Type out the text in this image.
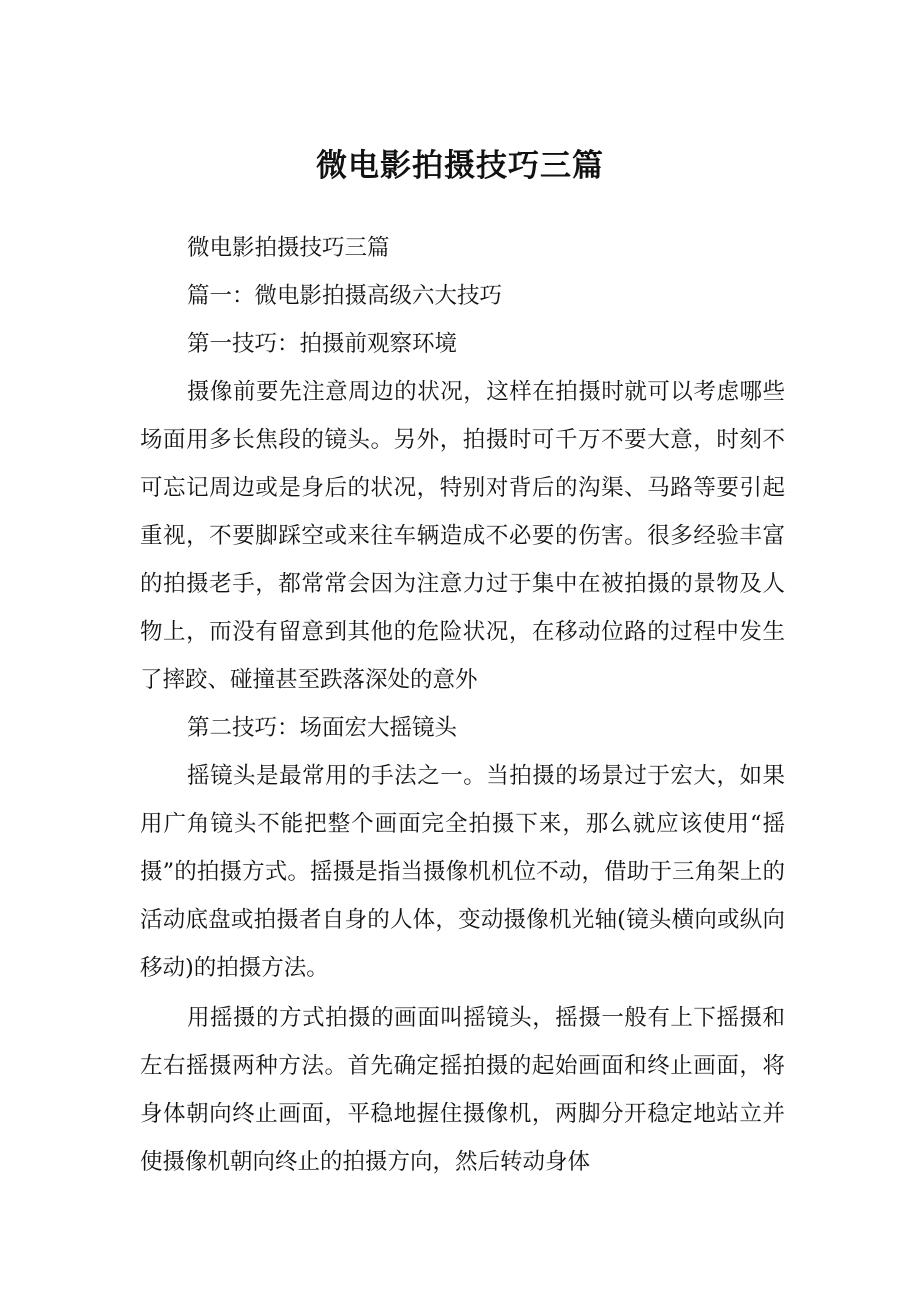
微电影拍摄技巧三篇

微电影拍摄技巧三篇

篇一：微电影拍摄高级六大技巧

第一技巧：拍摄前观察环境

摄像前要先注意周边的状况，这样在拍摄时就可以考虑哪些场面用多长焦段的镜头。另外，拍摄时可千万不要大意，时刻不可忘记周边或是身后的状况，特别对背后的沟渠、马路等要引起重视，不要脚踩空或来往车辆造成不必要的伤害。很多经验丰富的拍摄老手，都常常会因为注意力过于集中在被拍摄的景物及人物上，而没有留意到其他的危险状况，在移动位路的过程中发生了摔跤、碰撞甚至跌落深处的意外

第二技巧：场面宏大摇镜头

摇镜头是最常用的手法之一。当拍摄的场景过于宏大，如果用广角镜头不能把整个画面完全拍摄下来，那么就应该使用“摇摄”的拍摄方式。摇摄是指当摄像机机位不动，借助于三角架上的活动底盘或拍摄者自身的人体，变动摄像机光轴(镜头横向或纵向移动)的拍摄方法。

用摇摄的方式拍摄的画面叫摇镜头，摇摄一般有上下摇摄和左右摇摄两种方法。首先确定摇拍摄的起始画面和终止画面，将身体朝向终止画面，平稳地握住摄像机，两脚分开稳定地站立并使摄像机朝向终止的拍摄方向，然后转动身体
